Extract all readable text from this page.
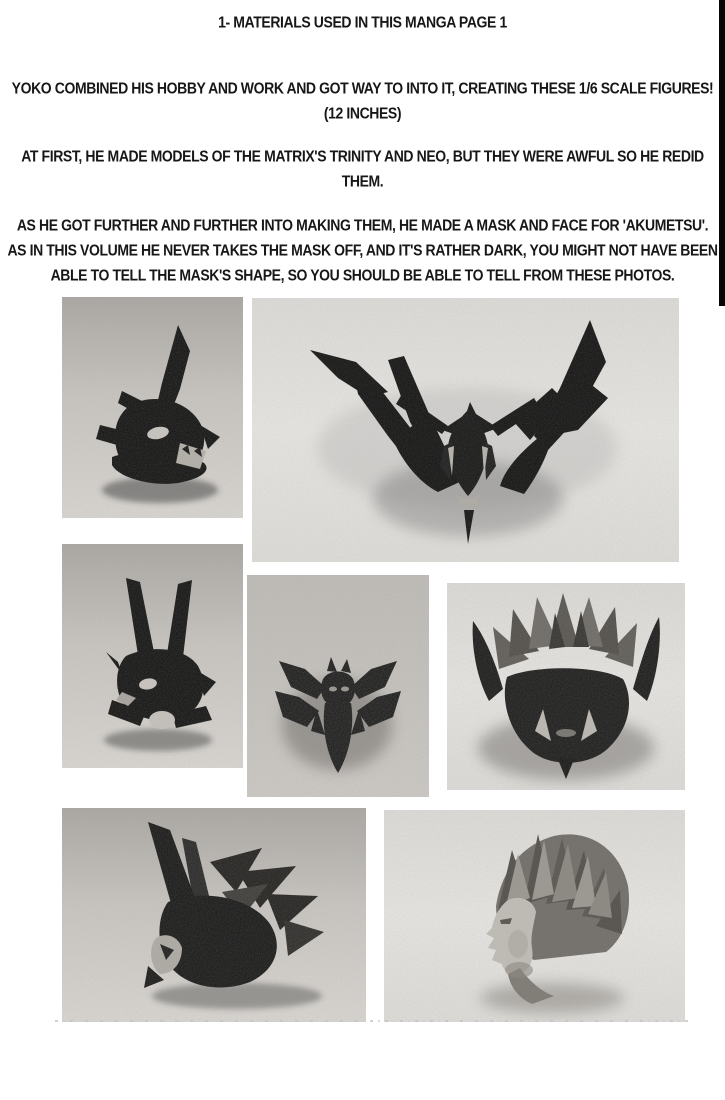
1- MATERIALS USED IN THIS MANGA PAGE 1
YOKO COMBINED HIS HOBBY AND WORK AND GOT WAY TO INTO IT, CREATING THESE 1/6 SCALE FIGURES!
(12 INCHES)
AT FIRST, HE MADE MODELS OF THE MATRIX'S TRINITY AND NEO, BUT THEY WERE AWFUL SO HE REDID
THEM.
AS HE GOT FURTHER AND FURTHER INTO MAKING THEM, HE MADE A MASK AND FACE FOR 'AKUMETSU'.
AS IN THIS VOLUME HE NEVER TAKES THE MASK OFF, AND IT'S RATHER DARK, YOU MIGHT NOT HAVE BEEN
ABLE TO TELL THE MASK'S SHAPE, SO YOU SHOULD BE ABLE TO TELL FROM THESE PHOTOS.
